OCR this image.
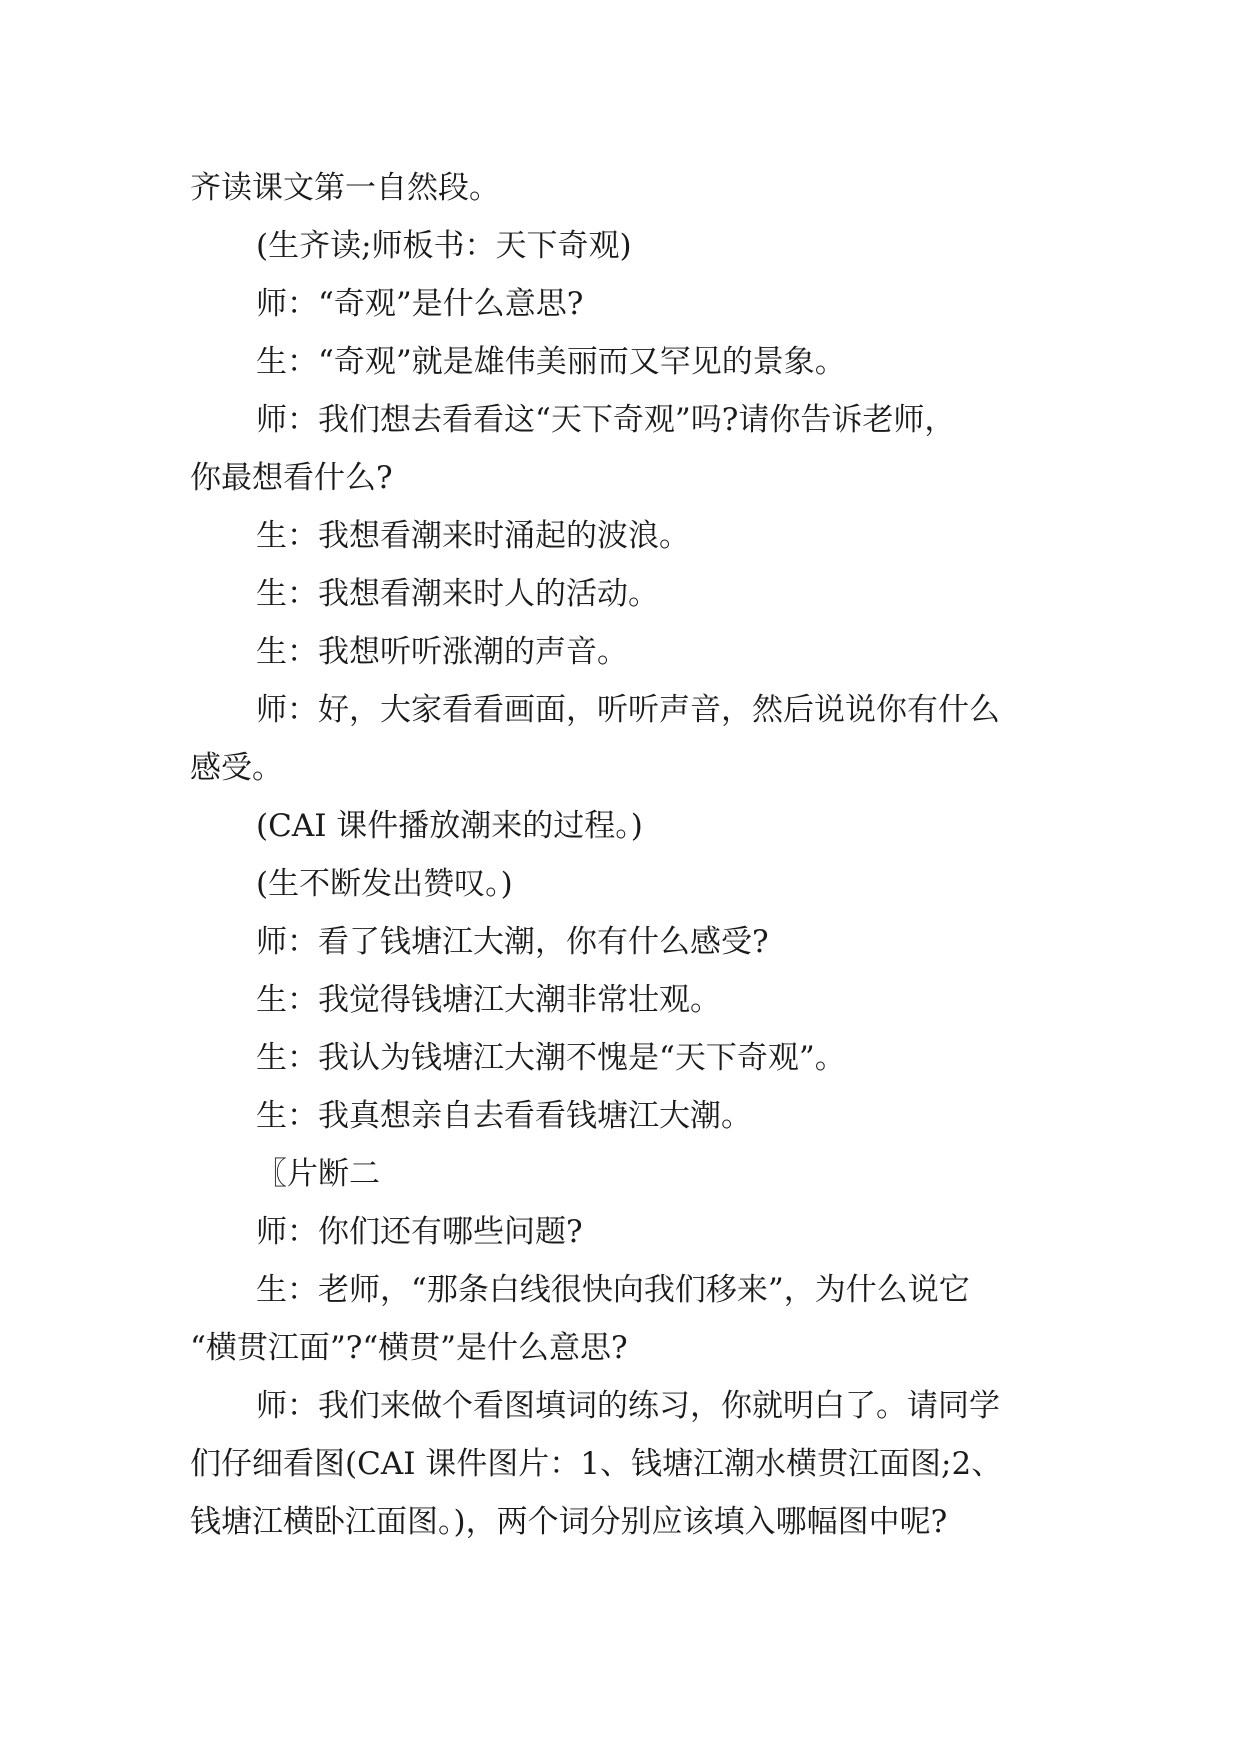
齐读课文第一自然段。
(生齐读;师板书：天下奇观)
师：“奇观”是什么意思?
生：“奇观”就是雄伟美丽而又罕见的景象。
师：我们想去看看这“天下奇观”吗?请你告诉老师，
你最想看什么?
生：我想看潮来时涌起的波浪。
生：我想看潮来时人的活动。
生：我想听听涨潮的声音。
师：好，大家看看画面，听听声音，然后说说你有什么
感受。
(CAI 课件播放潮来的过程。)
(生不断发出赞叹。)
师：看了钱塘江大潮，你有什么感受?
生：我觉得钱塘江大潮非常壮观。
生：我认为钱塘江大潮不愧是“天下奇观”。
生：我真想亲自去看看钱塘江大潮。
〖片断二
师：你们还有哪些问题?
生：老师，“那条白线很快向我们移来”，为什么说它
“横贯江面”?“横贯”是什么意思?
师：我们来做个看图填词的练习，你就明白了。请同学
们仔细看图(CAI 课件图片：1、钱塘江潮水横贯江面图;2、
钱塘江横卧江面图。)，两个词分别应该填入哪幅图中呢?
